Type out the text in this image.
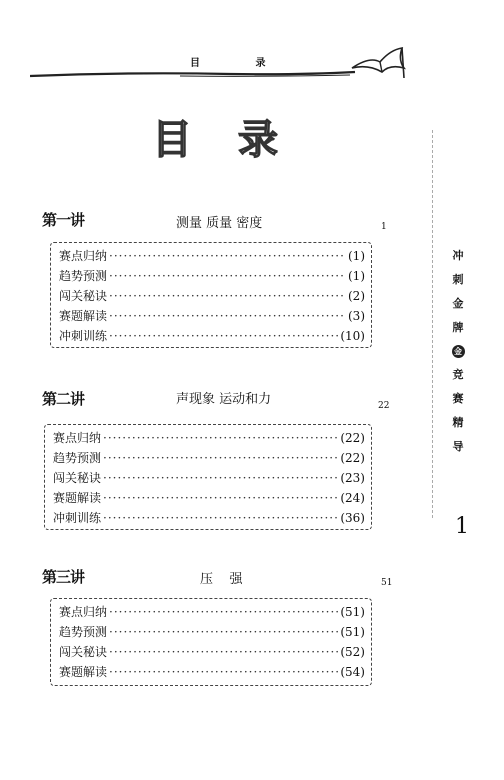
目 录
目 录
冲
刺
金
牌
金
竞
赛
精
导
1
第一讲	测量 质量 密度	1
赛点归纳 ·····	(1)
趋势预测 ·····	(1)
闯关秘诀 ·····	(2)
赛题解读 ·····	(3)
冲刺训练 ·····	(10)
第二讲	声现象 运动和力	22
赛点归纳 ·····	(22)
趋势预测 ·····	(22)
闯关秘诀 ·····	(23)
赛题解读 ·····	(24)
冲刺训练 ·····	(36)
第三讲	压    强	51
赛点归纳 ·····	(51)
趋势预测 ·····	(51)
闯关秘诀 ·····	(52)
赛题解读 ·····	(54)
